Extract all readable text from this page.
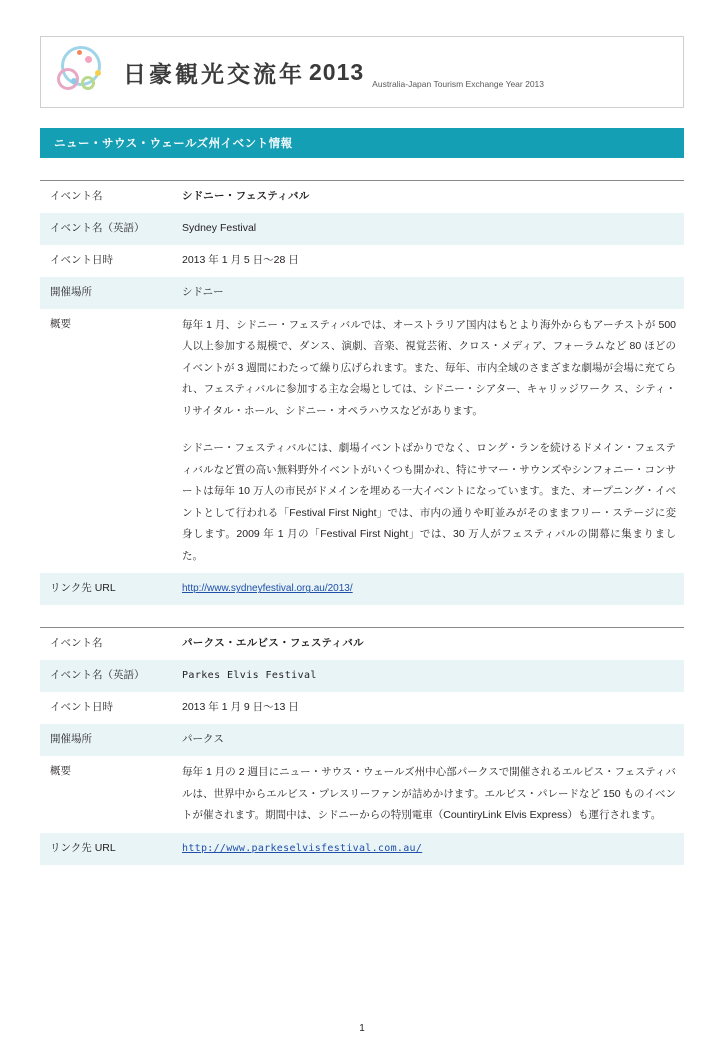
日豪観光交流年 2013 Australia-Japan Tourism Exchange Year 2013
ニュー・サウス・ウェールズ州イベント情報
イベント名	シドニー・フェスティバル
イベント名（英語）	Sydney Festival
イベント日時	2013 年 1 月 5 日～28 日
開催場所	シドニー
概要	毎年 1 月、シドニー・フェスティバルでは、オーストラリア国内はもとより海外からもアーチストが 500 人以上参加する規模で、ダンス、演劇、音楽、視覚芸術、クロス・メディア、フォーラムなど 80 ほどのイベントが 3 週間にわたって繰り広げられます。また、毎年、市内全域のさまざまな劇場が会場に充てられ、フェスティバルに参加する主な会場としては、シドニー・シアター、キャリッジワーク ス、シティ・リサイタル・ホール、シドニー・オペラハウスなどがあります。

シドニー・フェスティバルには、劇場イベントばかりでなく、ロング・ランを続けるドメイン・フェスティバルなど質の高い無料野外イベントがいくつも開かれ、特にサマー・サウンズやシンフォニー・コンサートは毎年 10 万人の市民がドメインを埋める一大イベントになっています。また、オープニング・イベントとして行われる「Festival First Night」では、市内の通りや町並みがそのままフリー・ステージに変身します。2009 年 1 月の「Festival First Night」では、30 万人がフェスティバルの開幕に集まりました。

リンク先 URL	http://www.sydneyfestival.org.au/2013/
イベント名	パークス・エルビス・フェスティバル
イベント名（英語）	Parkes Elvis Festival
イベント日時	2013 年 1 月 9 日～13 日
開催場所	パークス
概要	毎年 1 月の 2 週目にニュー・サウス・ウェールズ州中心部パークスで開催されるエルビス・フェスティバルは、世界中からエルビス・プレスリーファンが詰めかけます。エルビス・パレードなど 150 ものイベントが催されます。期間中は、シドニーからの特別電車（CountiryLink Elvis Express）も運行されます。

リンク先 URL	http://www.parkeselvisfestival.com.au/
1
